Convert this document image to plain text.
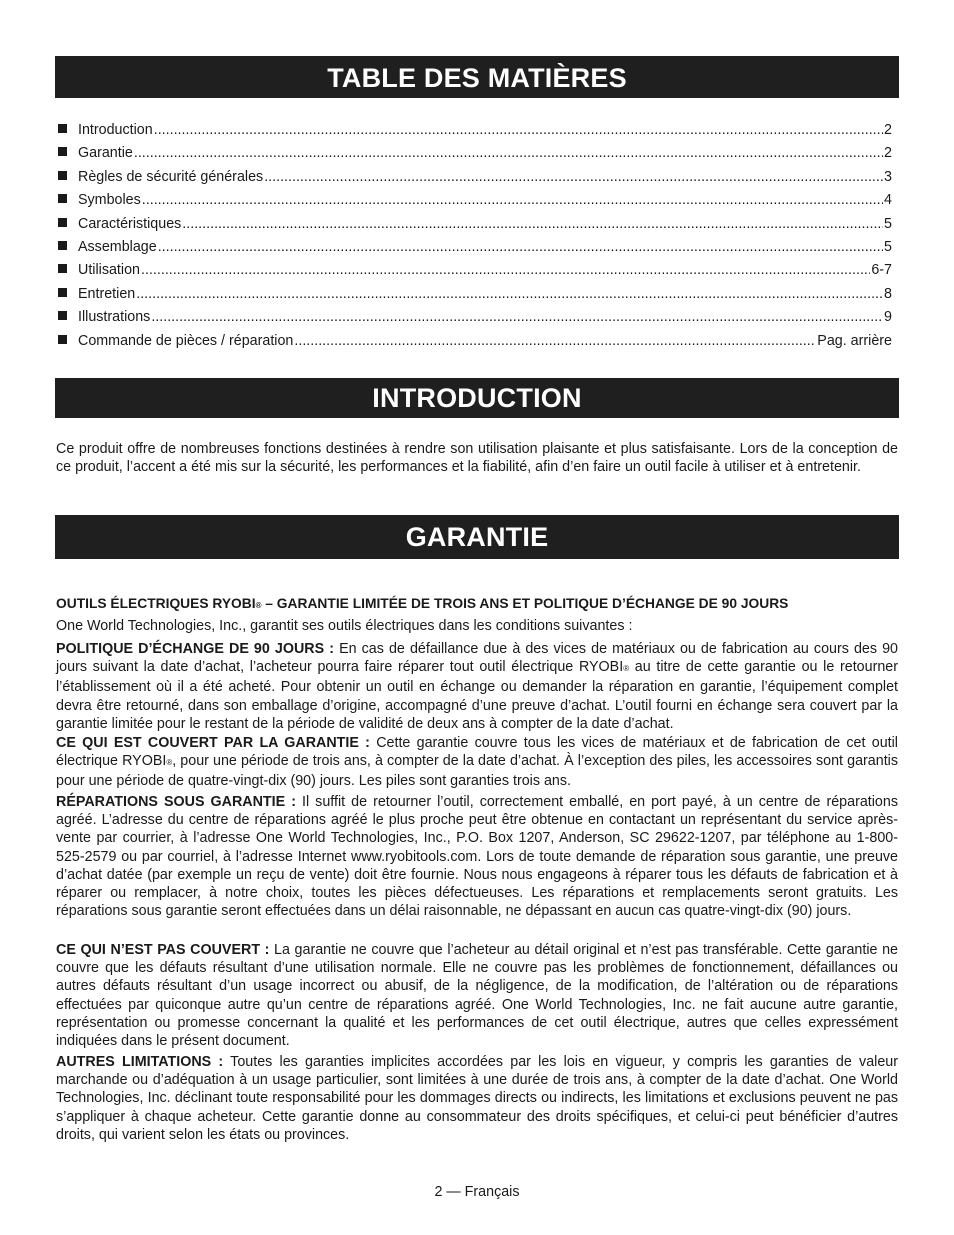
TABLE DES MATIÈRES
Introduction .....	2
Garantie .....	2
Règles de sécurité générales .....	3
Symboles .....	4
Caractéristiques .....	5
Assemblage .....	5
Utilisation .....	6-7
Entretien .....	8
Illustrations .....	9
Commande de pièces / réparation .....	Pag. arrière
INTRODUCTION

Ce produit offre de nombreuses fonctions destinées à rendre son utilisation plaisante et plus satisfaisante. Lors de la conception de ce produit, l’accent a été mis sur la sécurité, les performances et la fiabilité, afin d’en faire un outil facile à utiliser et à entretenir.

GARANTIE

OUTILS ÉLECTRIQUES RYOBI® – GARANTIE LIMITÉE DE TROIS ANS ET POLITIQUE D’ÉCHANGE DE 90 JOURS

One World Technologies, Inc., garantit ses outils électriques dans les conditions suivantes :

POLITIQUE D’ÉCHANGE DE 90 JOURS : En cas de défaillance due à des vices de matériaux ou de fabrication au cours des 90 jours suivant la date d’achat, l’acheteur pourra faire réparer tout outil électrique RYOBI® au titre de cette garantie ou le retourner l’établissement où il a été acheté. Pour obtenir un outil en échange ou demander la réparation en garantie, l’équipement complet devra être retourné, dans son emballage d’origine, accompagné d’une preuve d’achat. L’outil fourni en échange sera couvert par la garantie limitée pour le restant de la période de validité de deux ans à compter de la date d’achat.

CE QUI EST COUVERT PAR LA GARANTIE : Cette garantie couvre tous les vices de matériaux et de fabrication de cet outil électrique RYOBI®, pour une période de trois ans, à compter de la date d’achat. À l’exception des piles, les accessoires sont garantis pour une période de quatre-vingt-dix (90) jours. Les piles sont garanties trois ans.

RÉPARATIONS SOUS GARANTIE : Il suffit de retourner l’outil, correctement emballé, en port payé, à un centre de réparations agréé. L’adresse du centre de réparations agréé le plus proche peut être obtenue en contactant un représentant du service après-vente par courrier, à l’adresse One World Technologies, Inc., P.O. Box 1207, Anderson, SC 29622-1207, par téléphone au 1-800-525-2579 ou par courriel, à l’adresse Internet www.ryobitools.com. Lors de toute demande de réparation sous garantie, une preuve d’achat datée (par exemple un reçu de vente) doit être fournie. Nous nous engageons à réparer tous les défauts de fabrication et à réparer ou remplacer, à notre choix, toutes les pièces défectueuses. Les réparations et remplacements seront gratuits. Les réparations sous garantie seront effectuées dans un délai raisonnable, ne dépassant en aucun cas quatre-vingt-dix (90) jours.

CE QUI N’EST PAS COUVERT : La garantie ne couvre que l’acheteur au détail original et n’est pas transférable. Cette garantie ne couvre que les défauts résultant d’une utilisation normale. Elle ne couvre pas les problèmes de fonctionnement, défaillances ou autres défauts résultant d’un usage incorrect ou abusif, de la négligence, de la modification, de l’altération ou de réparations effectuées par quiconque autre qu’un centre de réparations agréé. One World Technologies, Inc. ne fait aucune autre garantie, représentation ou promesse concernant la qualité et les performances de cet outil électrique, autres que celles expressément indiquées dans le présent document.

AUTRES LIMITATIONS : Toutes les garanties implicites accordées par les lois en vigueur, y compris les garanties de valeur marchande ou d’adéquation à un usage particulier, sont limitées à une durée de trois ans, à compter de la date d’achat. One World Technologies, Inc. déclinant toute responsabilité pour les dommages directs ou indirects, les limitations et exclusions peuvent ne pas s’appliquer à chaque acheteur. Cette garantie donne au consommateur des droits spécifiques, et celui-ci peut bénéficier d’autres droits, qui varient selon les états ou provinces.

2 — Français
